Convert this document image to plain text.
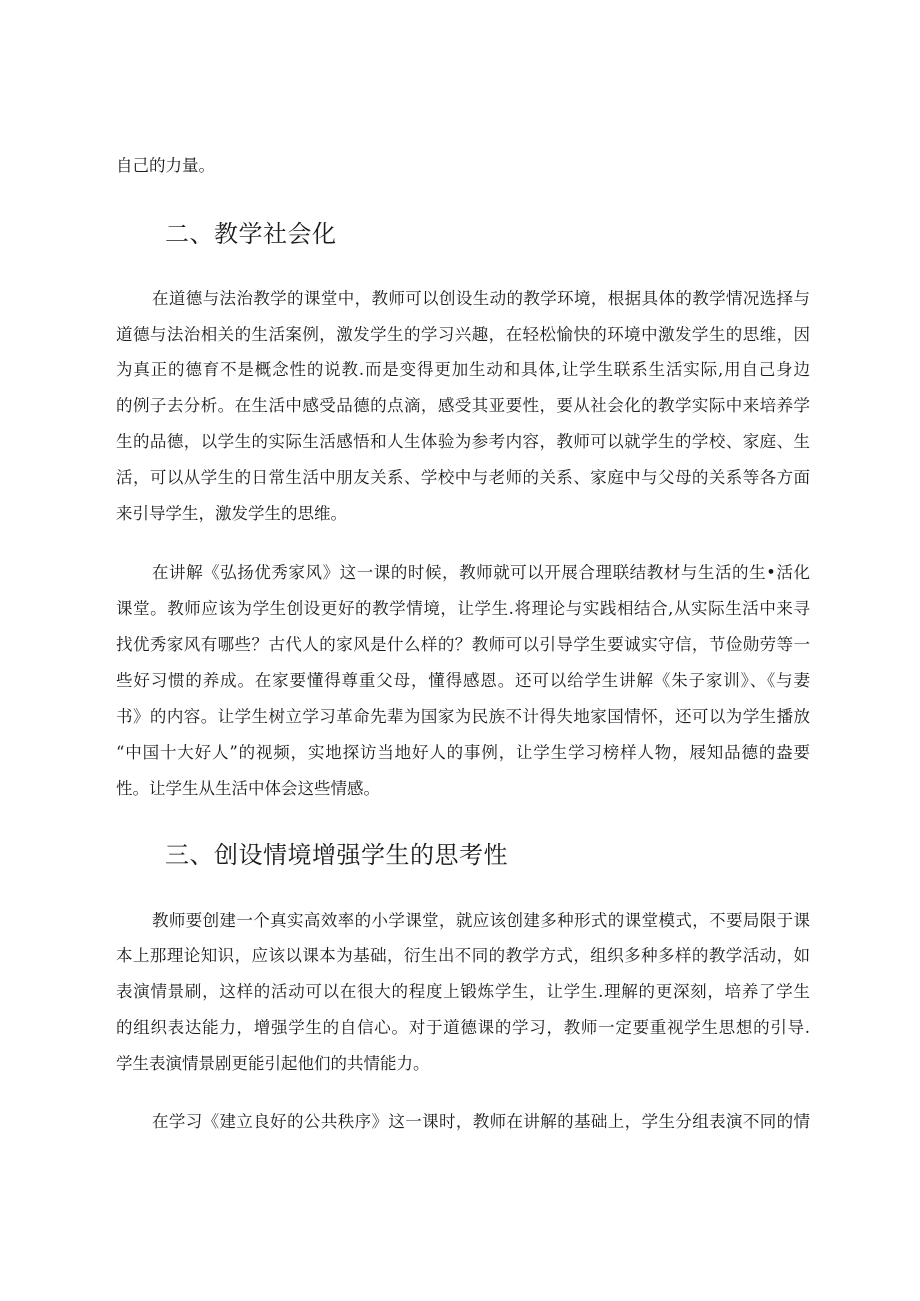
自己的力量。
二、教学社会化
在道德与法治教学的课堂中，教师可以创设生动的教学环境，根据具体的教学情况选择与
道德与法治相关的生活案例，激发学生的学习兴趣，在轻松愉快的环境中激发学生的思维，因
为真正的德育不是概念性的说教.而是变得更加生动和具体,让学生联系生活实际,用自己身边
的例子去分析。在生活中感受品德的点滴，感受其亚要性，要从社会化的教学实际中来培养学
生的品德，以学生的实际生活感悟和人生体验为参考内容，教师可以就学生的学校、家庭、生
活，可以从学生的日常生活中朋友关系、学校中与老师的关系、家庭中与父母的关系等各方面
来引导学生，激发学生的思维。
在讲解《弘扬优秀家风》这一课的时候，教师就可以开展合理联结教材与生活的生•活化
课堂。教师应该为学生创设更好的教学情境，让学生.将理论与实践相结合,从实际生活中来寻
找优秀家风有哪些？古代人的家风是什么样的？教师可以引导学生要诚实守信，节俭勋劳等一
些好习惯的养成。在家要懂得尊重父母，懂得感恩。还可以给学生讲解《朱子家训》、《与妻
书》的内容。让学生树立学习革命先辈为国家为民族不计得失地家国情怀，还可以为学生播放
“中国十大好人”的视频，实地探访当地好人的事例，让学生学习榜样人物，屐知品德的盎要
性。让学生从生活中体会这些情感。
三、创设情境增强学生的思考性
教师要创建一个真实高效率的小学课堂，就应该创建多种形式的课堂模式，不要局限于课
本上那理论知识，应该以课本为基础，衍生出不同的教学方式，组织多种多样的教学活动，如
表演情景刷，这样的活动可以在很大的程度上锻炼学生，让学生.理解的更深刻，培养了学生
的组织表达能力，增强学生的自信心。对于道德课的学习，教师一定要重视学生思想的引导.
学生表演情景剧更能引起他们的共情能力。
在学习《建立良好的公共秩序》这一课时，教师在讲解的基础上，学生分组表演不同的情
